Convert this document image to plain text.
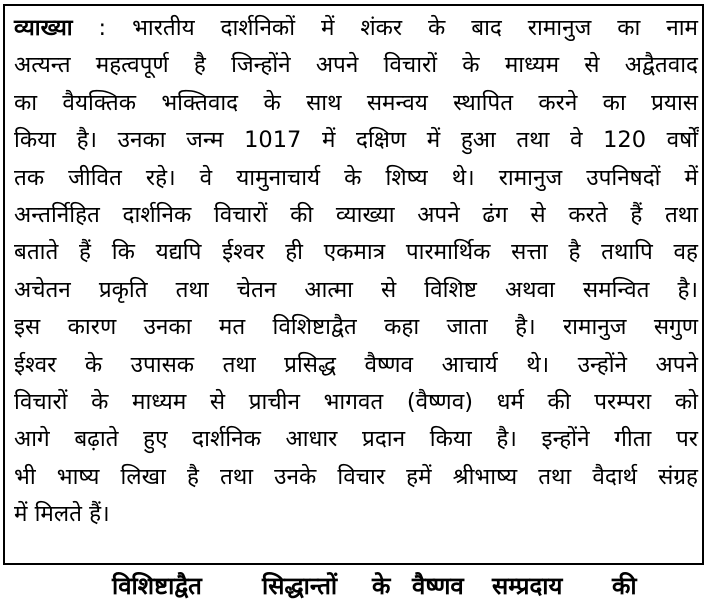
व्याख्या : भारतीय दार्शनिकों में शंकर के बाद रामानुज का नाम
अत्यन्त महत्वपूर्ण है जिन्होंने अपने विचारों के माध्यम से अद्वैतवाद
का वैयक्तिक भक्तिवाद के साथ समन्वय स्थापित करने का प्रयास
किया है। उनका जन्म 1017 में दक्षिण में हुआ तथा वे 120 वर्षों
तक जीवित रहे। वे यामुनाचार्य के शिष्य थे। रामानुज उपनिषदों में
अन्तर्निहित दार्शनिक विचारों की व्याख्या अपने ढंग से करते हैं तथा
बताते हैं कि यद्यपि ईश्वर ही एकमात्र पारमार्थिक सत्ता है तथापि वह
अचेतन प्रकृति तथा चेतन आत्मा से विशिष्ट अथवा समन्वित है।
इस कारण उनका मत विशिष्टाद्वैत कहा जाता है। रामानुज सगुण
ईश्वर के उपासक तथा प्रसिद्ध वैष्णव आचार्य थे। उन्होंने अपने
विचारों के माध्यम से प्राचीन भागवत (वैष्णव) धर्म की परम्परा को
आगे बढ़ाते हुए दार्शनिक आधार प्रदान किया है। इन्होंने गीता पर
भी भाष्य लिखा है तथा उनके विचार हमें श्रीभाष्य तथा वैदार्थ संग्रह
में मिलते हैं।
विशिष्टाद्वैत	सिद्धान्तों के वैष्णव सम्प्रदाय की
